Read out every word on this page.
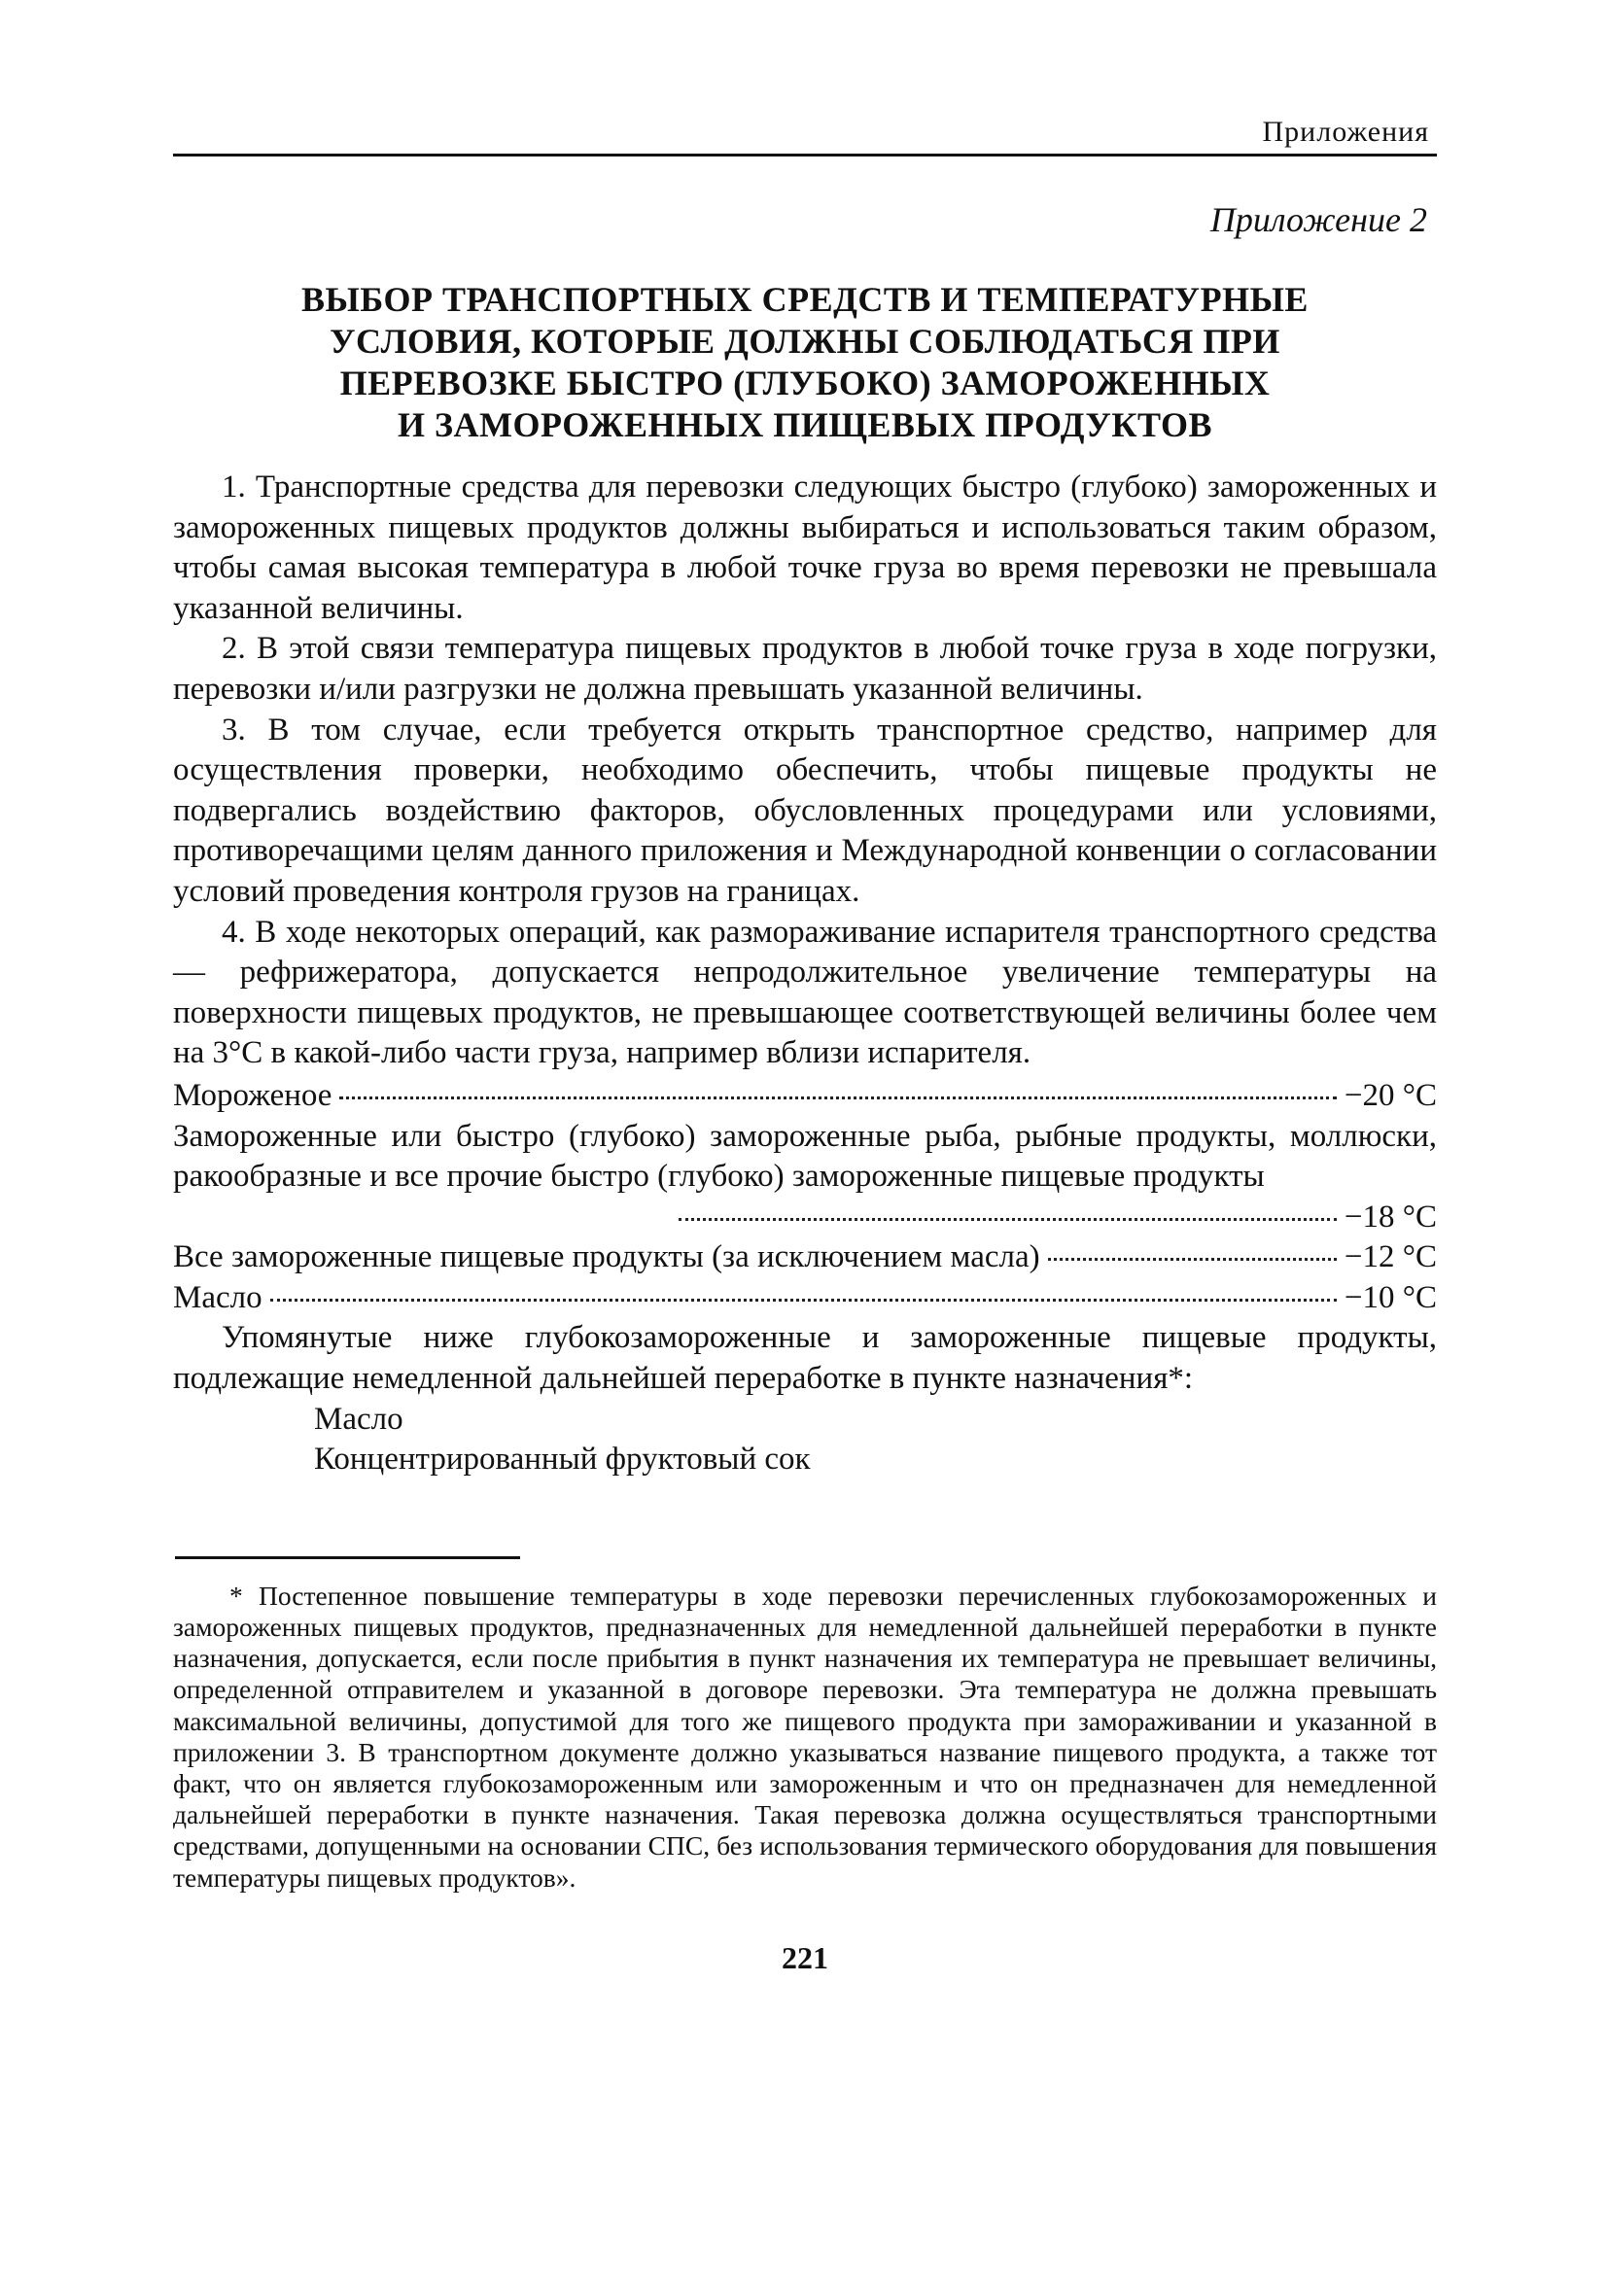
Приложения
Приложение 2
ВЫБОР ТРАНСПОРТНЫХ СРЕДСТВ И ТЕМПЕРАТУРНЫЕ
УСЛОВИЯ, КОТОРЫЕ ДОЛЖНЫ СОБЛЮДАТЬСЯ ПРИ
ПЕРЕВОЗКЕ БЫСТРО (ГЛУБОКО) ЗАМОРОЖЕННЫХ
И ЗАМОРОЖЕННЫХ ПИЩЕВЫХ ПРОДУКТОВ

1. Транспортные средства для перевозки следующих быстро (глубоко) замороженных и замороженных пищевых продуктов должны выбираться и использоваться таким образом, чтобы самая высокая температура в любой точке груза во время перевозки не превышала указанной величины.

2. В этой связи температура пищевых продуктов в любой точке груза в ходе погрузки, перевозки и/или разгрузки не должна превышать указанной величины.

3. В том случае, если требуется открыть транспортное средство, например для осуществления проверки, необходимо обеспечить, чтобы пищевые продукты не подвергались воздействию факторов, обусловленных процедурами или условиями, противоречащими целям данного приложения и Международной конвенции о согласовании условий проведения контроля грузов на границах.

4. В ходе некоторых операций, как размораживание испарителя транспортного средства — рефрижератора, допускается непродолжительное увеличение температуры на поверхности пищевых продуктов, не превышающее соответствующей величины более чем на 3°С в какой-либо части груза, например вблизи испарителя.

Мороженое	−20 °С
Замороженные или быстро (глубоко) замороженные рыба, рыбные продукты, моллюски, ракообразные и все прочие быстро (глубоко) замороженные пищевые продукты
−18 °С
Все замороженные пищевые продукты (за исключением масла)	−12 °С
Масло	−10 °С

Упомянутые ниже глубокозамороженные и замороженные пищевые продукты, подлежащие немедленной дальнейшей переработке в пункте назначения*:

Масло
Концентрированный фруктовый сок
* Постепенное повышение температуры в ходе перевозки перечисленных глубокозамороженных и замороженных пищевых продуктов, предназначенных для немедленной дальнейшей переработки в пункте назначения, допускается, если после прибытия в пункт назначения их температура не превышает величины, определенной отправителем и указанной в договоре перевозки. Эта температура не должна превышать максимальной величины, допустимой для того же пищевого продукта при замораживании и указанной в приложении 3. В транспортном документе должно указываться название пищевого продукта, а также тот факт, что он является глубокозамороженным или замороженным и что он предназначен для немедленной дальнейшей переработки в пункте назначения. Такая перевозка должна осуществляться транспортными средствами, допущенными на основании СПС, без использования термического оборудования для повышения температуры пищевых продуктов».
221
